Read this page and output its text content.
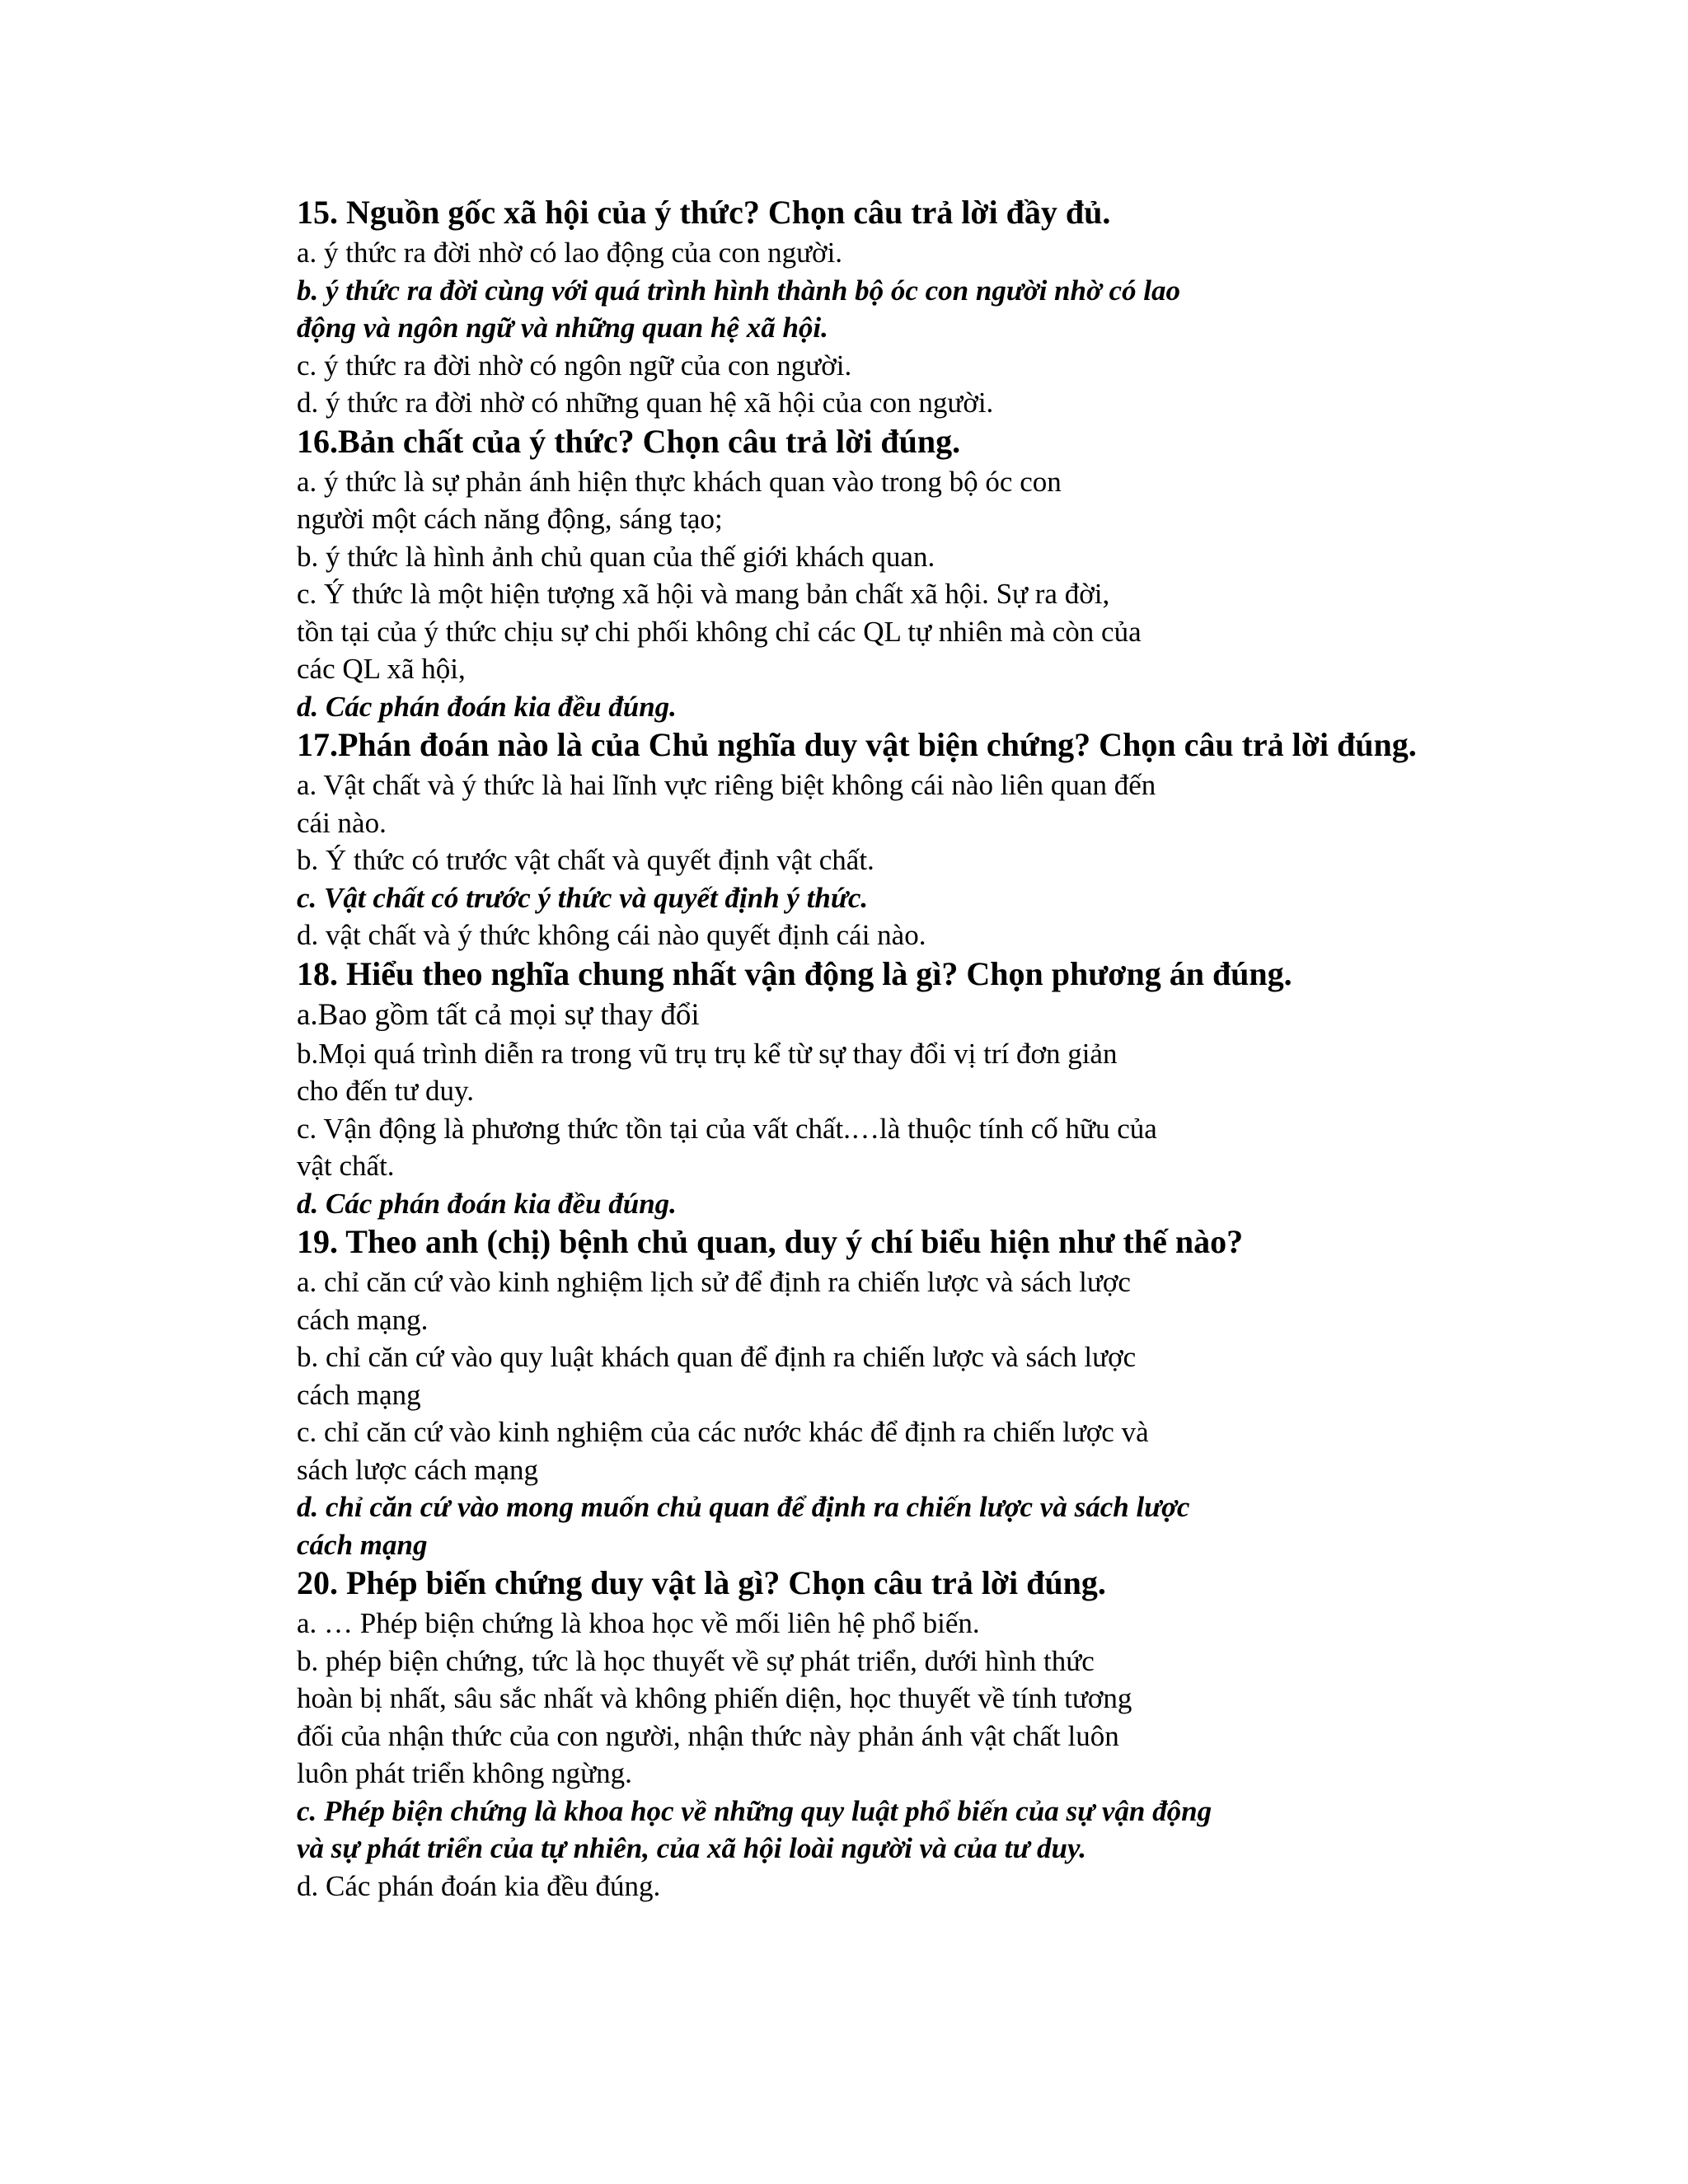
15. Nguồn gốc xã hội của ý thức? Chọn câu trả lời đầy đủ.
a. ý thức ra đời nhờ có lao động của con người.
b. ý thức ra đời cùng với quá trình hình thành bộ óc con người nhờ có lao
động và ngôn ngữ và những quan hệ xã hội.
c. ý thức ra đời nhờ có ngôn ngữ của con người.
d. ý thức ra đời nhờ có những quan hệ xã hội của con người.
16.Bản chất của ý thức? Chọn câu trả lời đúng.
a. ý thức là sự phản ánh hiện thực khách quan vào trong bộ óc con
người một cách năng động, sáng tạo;
b. ý thức là hình ảnh chủ quan của thế giới khách quan.
c. Ý thức là một hiện tượng xã hội và mang bản chất xã hội. Sự ra đời,
tồn tại của ý thức chịu sự chi phối không chỉ các QL tự nhiên mà còn của
các QL xã hội,
d. Các phán đoán kia đều đúng.
17.Phán đoán nào là của Chủ nghĩa duy vật biện chứng? Chọn câu trả lời đúng.
a. Vật chất và ý thức là hai lĩnh vực riêng biệt không cái nào liên quan đến
cái nào.
b. Ý thức có trước vật chất và quyết định vật chất.
c. Vật chất có trước ý thức và quyết định ý thức.
d. vật chất và ý thức không cái nào quyết định cái nào.
18. Hiểu theo nghĩa chung nhất vận động là gì? Chọn phương án đúng.
a.Bao gồm tất cả mọi sự thay đổi
b.Mọi quá trình diễn ra trong vũ trụ trụ kể từ sự thay đổi vị trí đơn giản
cho đến tư duy.
c. Vận động là phương thức tồn tại của vất chất.…là thuộc tính cố hữu của
vật chất.
d. Các phán đoán kia đều đúng.
19. Theo anh (chị) bệnh chủ quan, duy ý chí biểu hiện như thế nào?
a. chỉ căn cứ vào kinh nghiệm lịch sử để định ra chiến lược và sách lược
cách mạng.
b. chỉ căn cứ vào quy luật khách quan để định ra chiến lược và sách lược
cách mạng
c. chỉ căn cứ vào kinh nghiệm của các nước khác để định ra chiến lược và
sách lược cách mạng
d. chỉ căn cứ vào mong muốn chủ quan để định ra chiến lược và sách lược
cách mạng
20. Phép biến chứng duy vật là gì? Chọn câu trả lời đúng.
a. … Phép biện chứng là khoa học về mối liên hệ phổ biến.
b. phép biện chứng, tức là học thuyết về sự phát triển, dưới hình thức
hoàn bị nhất, sâu sắc nhất và không phiến diện, học thuyết về tính tương
đối của nhận thức của con người, nhận thức này phản ánh vật chất luôn
luôn phát triển không ngừng.
c. Phép biện chứng là khoa học về những quy luật phổ biến của sự vận động
và sự phát triển của tự nhiên, của xã hội loài người và của tư duy.
d. Các phán đoán kia đều đúng.
